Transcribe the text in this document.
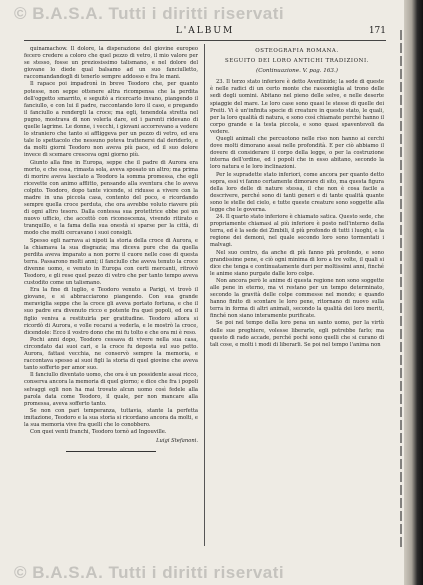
© B.A.S.A. Tutti i diritti riservati
L'ALBUM	171

quinamachow. Il dolore, la disperazione del giovine europeo fecero credere a coloro che quel pezzo di vetro, il mio valore per se stesso, fosse un preziosissimo talismano, e nel dolore del giovane lo diede qual balsamo ad un suo fanciulletto, raccomandandogli di tenerlo sempre addosso e fra le mani.

Il rapace poi impadronì in breve Teodoro che, per quanto potesse, non seppe ottenere altra ricompensa che la perdita dell'oggetto smarrito, e seguitò a ricercarlo invano, piangendo il fanciullo, e con lui il padre, raccontando loro il caso, e pregando il fanciullo a rendergli la croce; ma egli, tenendola stretta nel pugno, mostrava di non volerla dare, ed i parenti ridevano di quelle lagrime. Le donne, i vecchi, i giovani accorrevano a vedere lo straniero che tanto si affliggeva per un pezzo di vetro, ed era tale lo spettacolo che nessuno poteva trattenersi dal deriderlo, e da molti giorni Teodoro non aveva più pace, ed il suo dolore invece di scemare cresceva ogni giorno più.

Giunto alla fine in Europa, seppe che il padre di Aurora era morto, e che essa, rimasta sola, aveva sposato un altro; ma prima di morire aveva lasciato a Teodoro la somma promessa, che egli ricevette con animo afflitto, pensando alla sventura che lo aveva colpito. Teodoro, dopo tante vicende, si ridusse a vivere con la madre in una piccola casa, contento del poco, e ricordando sempre quella croce perduta, che ora avrebbe voluto riavere più di ogni altro tesoro. Dalla contessa sua protettrice ebbe poi un nuovo ufficio, che accettò con riconoscenza, vivendo ritirato e tranquillo, e la fama della sua onestà si sparse per la città, di modo che molti cercavano i suoi consigli.

Spesso egli narrava ai nipoti la storia della croce di Aurora, e la chiamava la sua disgrazia; ma diceva pure che da quella perdita aveva imparato a non porre il cuore nelle cose di questa terra. Passarono molti anni; il fanciullo che aveva tenuto la croce divenne uomo, e venuto in Europa con certi mercanti, ritrovò Teodoro, e gli rese quel pezzo di vetro che per tanto tempo aveva custodito come un talismano.

Era la fine di luglio, e Teodoro venuto a Parigi, vi trovò il giovane, e si abbracciarono piangendo. Con sua grande meraviglia seppe che la croce gli aveva portato fortuna, e che il suo padre era divenuto ricco e potente fra quei popoli, ed ora il figlio veniva a restituirla per gratitudine. Teodoro allora si ricordò di Aurora, e volle recarsi a vederla, e le mostrò la croce, dicendole: Ecco il vostro dono che mi fu tolto e che ora mi è reso.

Pochi anni dopo, Teodoro cessava di vivere nella sua casa, circondato dai suoi cari, e la croce fu deposta sul suo petto. Aurora, fattasi vecchia, ne conservò sempre la memoria, e raccontava spesso ai suoi figli la storia di quel giovine che aveva tanto sofferto per amor suo.

Il fanciullo diventato uomo, che ora è un possidente assai ricco, conserva ancora la memoria di quel giorno; e dice che fra i popoli selvaggi egli non ha mai trovato alcun uomo così fedele alla parola data come Teodoro, il quale, per non mancare alla promessa, aveva sofferto tanto.

Se non con pari temperanza, tuttavia, stante la perfetta imitazione, Teodoro e la sua storia si ricordano ancora da molti, e la sua memoria vive fra quelli che lo conobbero.

Con quei venti franchi, Teodoro tornò ad Ingouville.

Luigi Stefanoni.
OSTEOGRAFIA ROMANA.
SEGUITO DEI LORO ANTICHI TRADIZIONI.
(Continuazione. V. pag. 163.)

23. Il terzo stato inferiore è detto Aventinide; la sede di queste è nelle radici di un certo monte che rassomiglia al trono delle sedi degli uomini. Abitano nel pieno delle selve, e nelle deserte spiaggie del mare. Le loro case sono quasi le stesse di quelle dei Preiti. Vi è un'infinita specie di creature in questo stato, le quali, per la loro qualità di natura, e sono così chiamate perché hanno il corpo grande e la testa piccola, e sono quasi spaventevoli da vedere.

Quegli animali che percuotono nelle riso non hanno ai cerchi dove molti dimorano assai nelle profondità. E per ciò abbiamo il dovere di considerare il corpo della legge, o per la costruzione interna dell'ordine, ed i popoli che in esso abitano, secondo la loro natura e le loro inclinazioni.

Per le supradette stato inferiori, come ancora per quanto detto sopra, essi vi fanno certamente dimorare di sito, ma questa figura della loro delle di nature stessa, il che non è cosa facile a descrivere, perché sono di tanti generi e di tante qualità quante sono le stelle del cielo, e tutte queste creature sono soggette alla legge che le governa.

24. Il quarto stato inferiore è chiamato satica. Questo sede, che propriamente chiamasi al più inferiore è posto nell'interno della terra, ed è la sede dei Zimbili, il più profondo di tutti i luoghi, e la regione dei demoni, nel quale secondo loro sono tormentati i malvagi.

Nel suo centro, da anche di più fanno più profondo, e sono grandissime pene, e ciò ogni minima di loro a tre volte, il quali si dice che tenga e continuatamente duri per moltissimi anni, finché le anime siano purgate dalle loro colpe.

Non ancora però le anime di questa regione non sono soggette alle pene in eterno, ma vi restano per un tempo determinato, secondo la gravità delle colpe commesse nel mondo; e quando hanno finito di scontare le loro pene, ritornano di nuovo sulla terra in forma di altri animali, secondo la qualità dei loro meriti, finché non siano interamente purificate.

Se poi nel tempo della loro pena un santo uomo, per la virtù delle sue preghiere, volesse liberarle, egli potrebbe farlo; ma questo di rado accade, perché pochi sono quelli che si curano di tali cose, e molti i modi di liberarli. Se poi nel tempo l'anima non

© B.A.S.A. Tutti i diritti riservati
